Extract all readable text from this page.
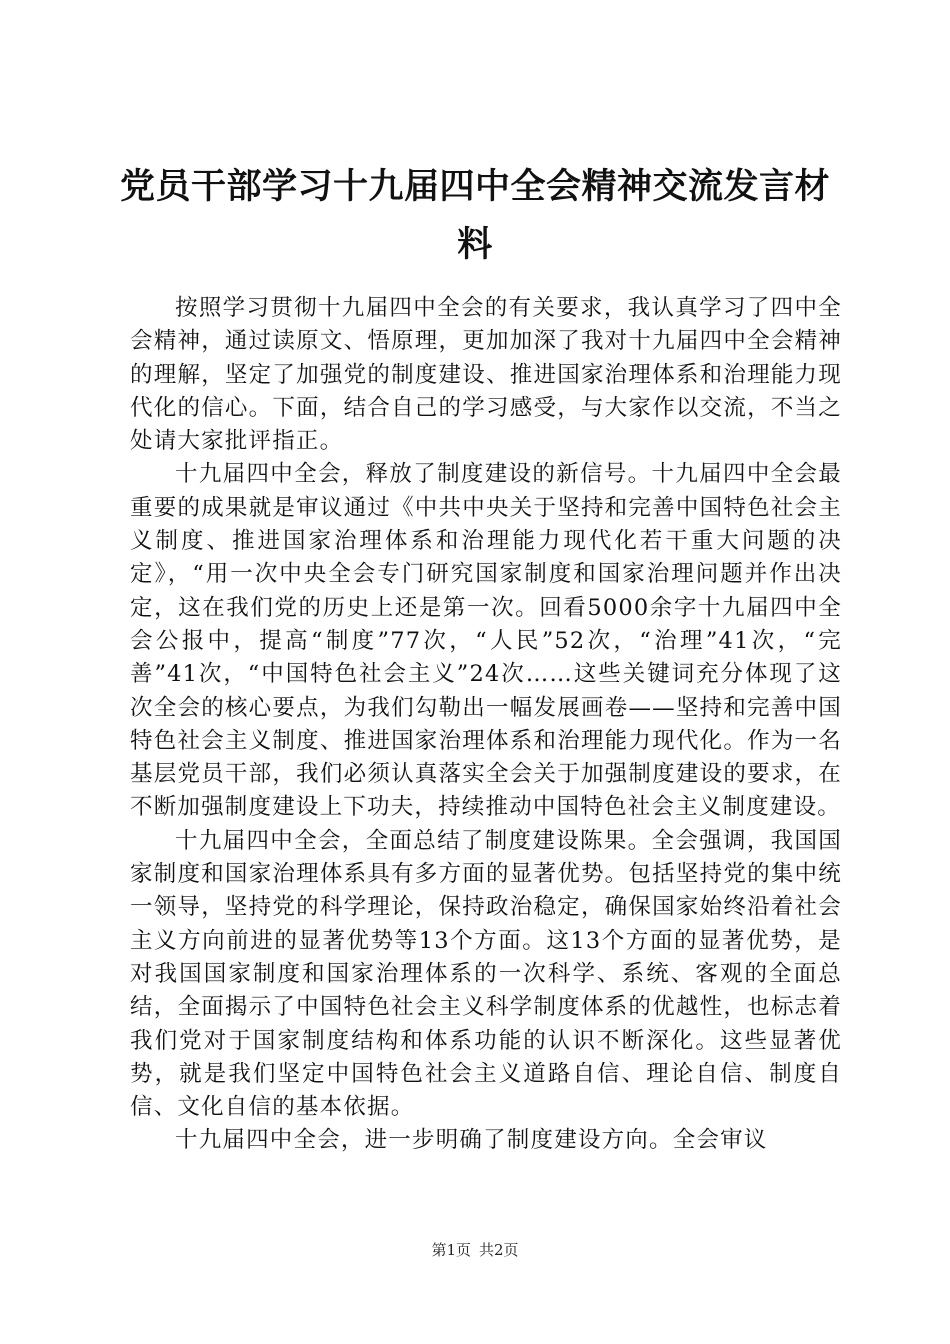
党员干部学习十九届四中全会精神交流发言材料

按照学习贯彻十九届四中全会的有关要求，我认真学习了四中全会精神，通过读原文、悟原理，更加加深了我对十九届四中全会精神的理解，坚定了加强党的制度建设、推进国家治理体系和治理能力现代化的信心。下面，结合自己的学习感受，与大家作以交流，不当之处请大家批评指正。

十九届四中全会，释放了制度建设的新信号。十九届四中全会最重要的成果就是审议通过《中共中央关于坚持和完善中国特色社会主义制度、推进国家治理体系和治理能力现代化若干重大问题的决定》，“用一次中央全会专门研究国家制度和国家治理问题并作出决定，这在我们党的历史上还是第一次。回看5000余字十九届四中全会公报中，提高“制度”77次，“人民”52次，“治理”41次，“完善”41次，“中国特色社会主义”24次……这些关键词充分体现了这次全会的核心要点，为我们勾勒出一幅发展画卷——坚持和完善中国特色社会主义制度、推进国家治理体系和治理能力现代化。作为一名基层党员干部，我们必须认真落实全会关于加强制度建设的要求，在不断加强制度建设上下功夫，持续推动中国特色社会主义制度建设。

十九届四中全会，全面总结了制度建设陈果。全会强调，我国国家制度和国家治理体系具有多方面的显著优势。包括坚持党的集中统一领导，坚持党的科学理论，保持政治稳定，确保国家始终沿着社会主义方向前进的显著优势等13个方面。这13个方面的显著优势，是对我国国家制度和国家治理体系的一次科学、系统、客观的全面总结，全面揭示了中国特色社会主义科学制度体系的优越性，也标志着我们党对于国家制度结构和体系功能的认识不断深化。这些显著优势，就是我们坚定中国特色社会主义道路自信、理论自信、制度自信、文化自信的基本依据。

十九届四中全会，进一步明确了制度建设方向。全会审议

第1页 共2页
